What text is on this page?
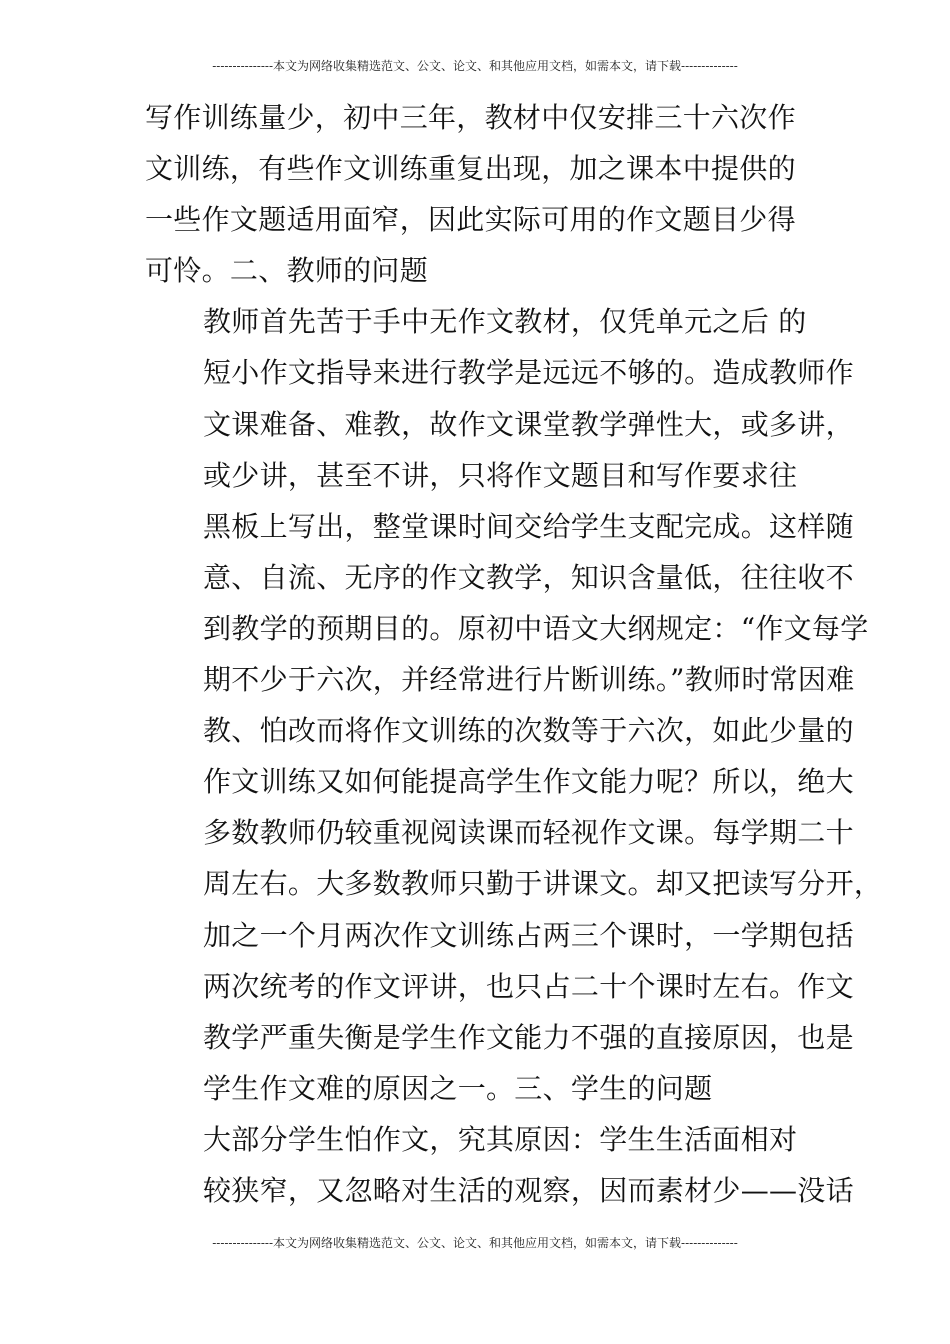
---------------本文为网络收集精选范文、公文、论文、和其他应用文档，如需本文，请下载--------------

写作训练量少，初中三年，教材中仅安排三十六次作
文训练，有些作文训练重复出现，加之课本中提供的
一些作文题适用面窄，因此实际可用的作文题目少得
可怜。二、教师的问题

教师首先苦于手中无作文教材，仅凭单元之后 的
短小作文指导来进行教学是远远不够的。造成教师作
文课难备、难教，故作文课堂教学弹性大，或多讲，

或少讲，甚至不讲，只将作文题目和写作要求往
黑板上写出，整堂课时间交给学生支配完成。这样随
意、自流、无序的作文教学，知识含量低，往往收不
到教学的预期目的。原初中语文大纲规定：“作文每学
期不少于六次，并经常进行片断训练。”教师时常因难
教、怕改而将作文训练的次数等于六次，如此少量的
作文训练又如何能提高学生作文能力呢？所以，绝大
多数教师仍较重视阅读课而轻视作文课。每学期二十
周左右。大多数教师只勤于讲课文。却又把读写分开，
加之一个月两次作文训练占两三个课时，一学期包括
两次统考的作文评讲，也只占二十个课时左右。作文
教学严重失衡是学生作文能力不强的直接原因，也是
学生作文难的原因之一。三、学生的问题

大部分学生怕作文，究其原因：学生生活面相对
较狭窄，又忽略对生活的观察，因而素材少——没话

---------------本文为网络收集精选范文、公文、论文、和其他应用文档，如需本文，请下载--------------
